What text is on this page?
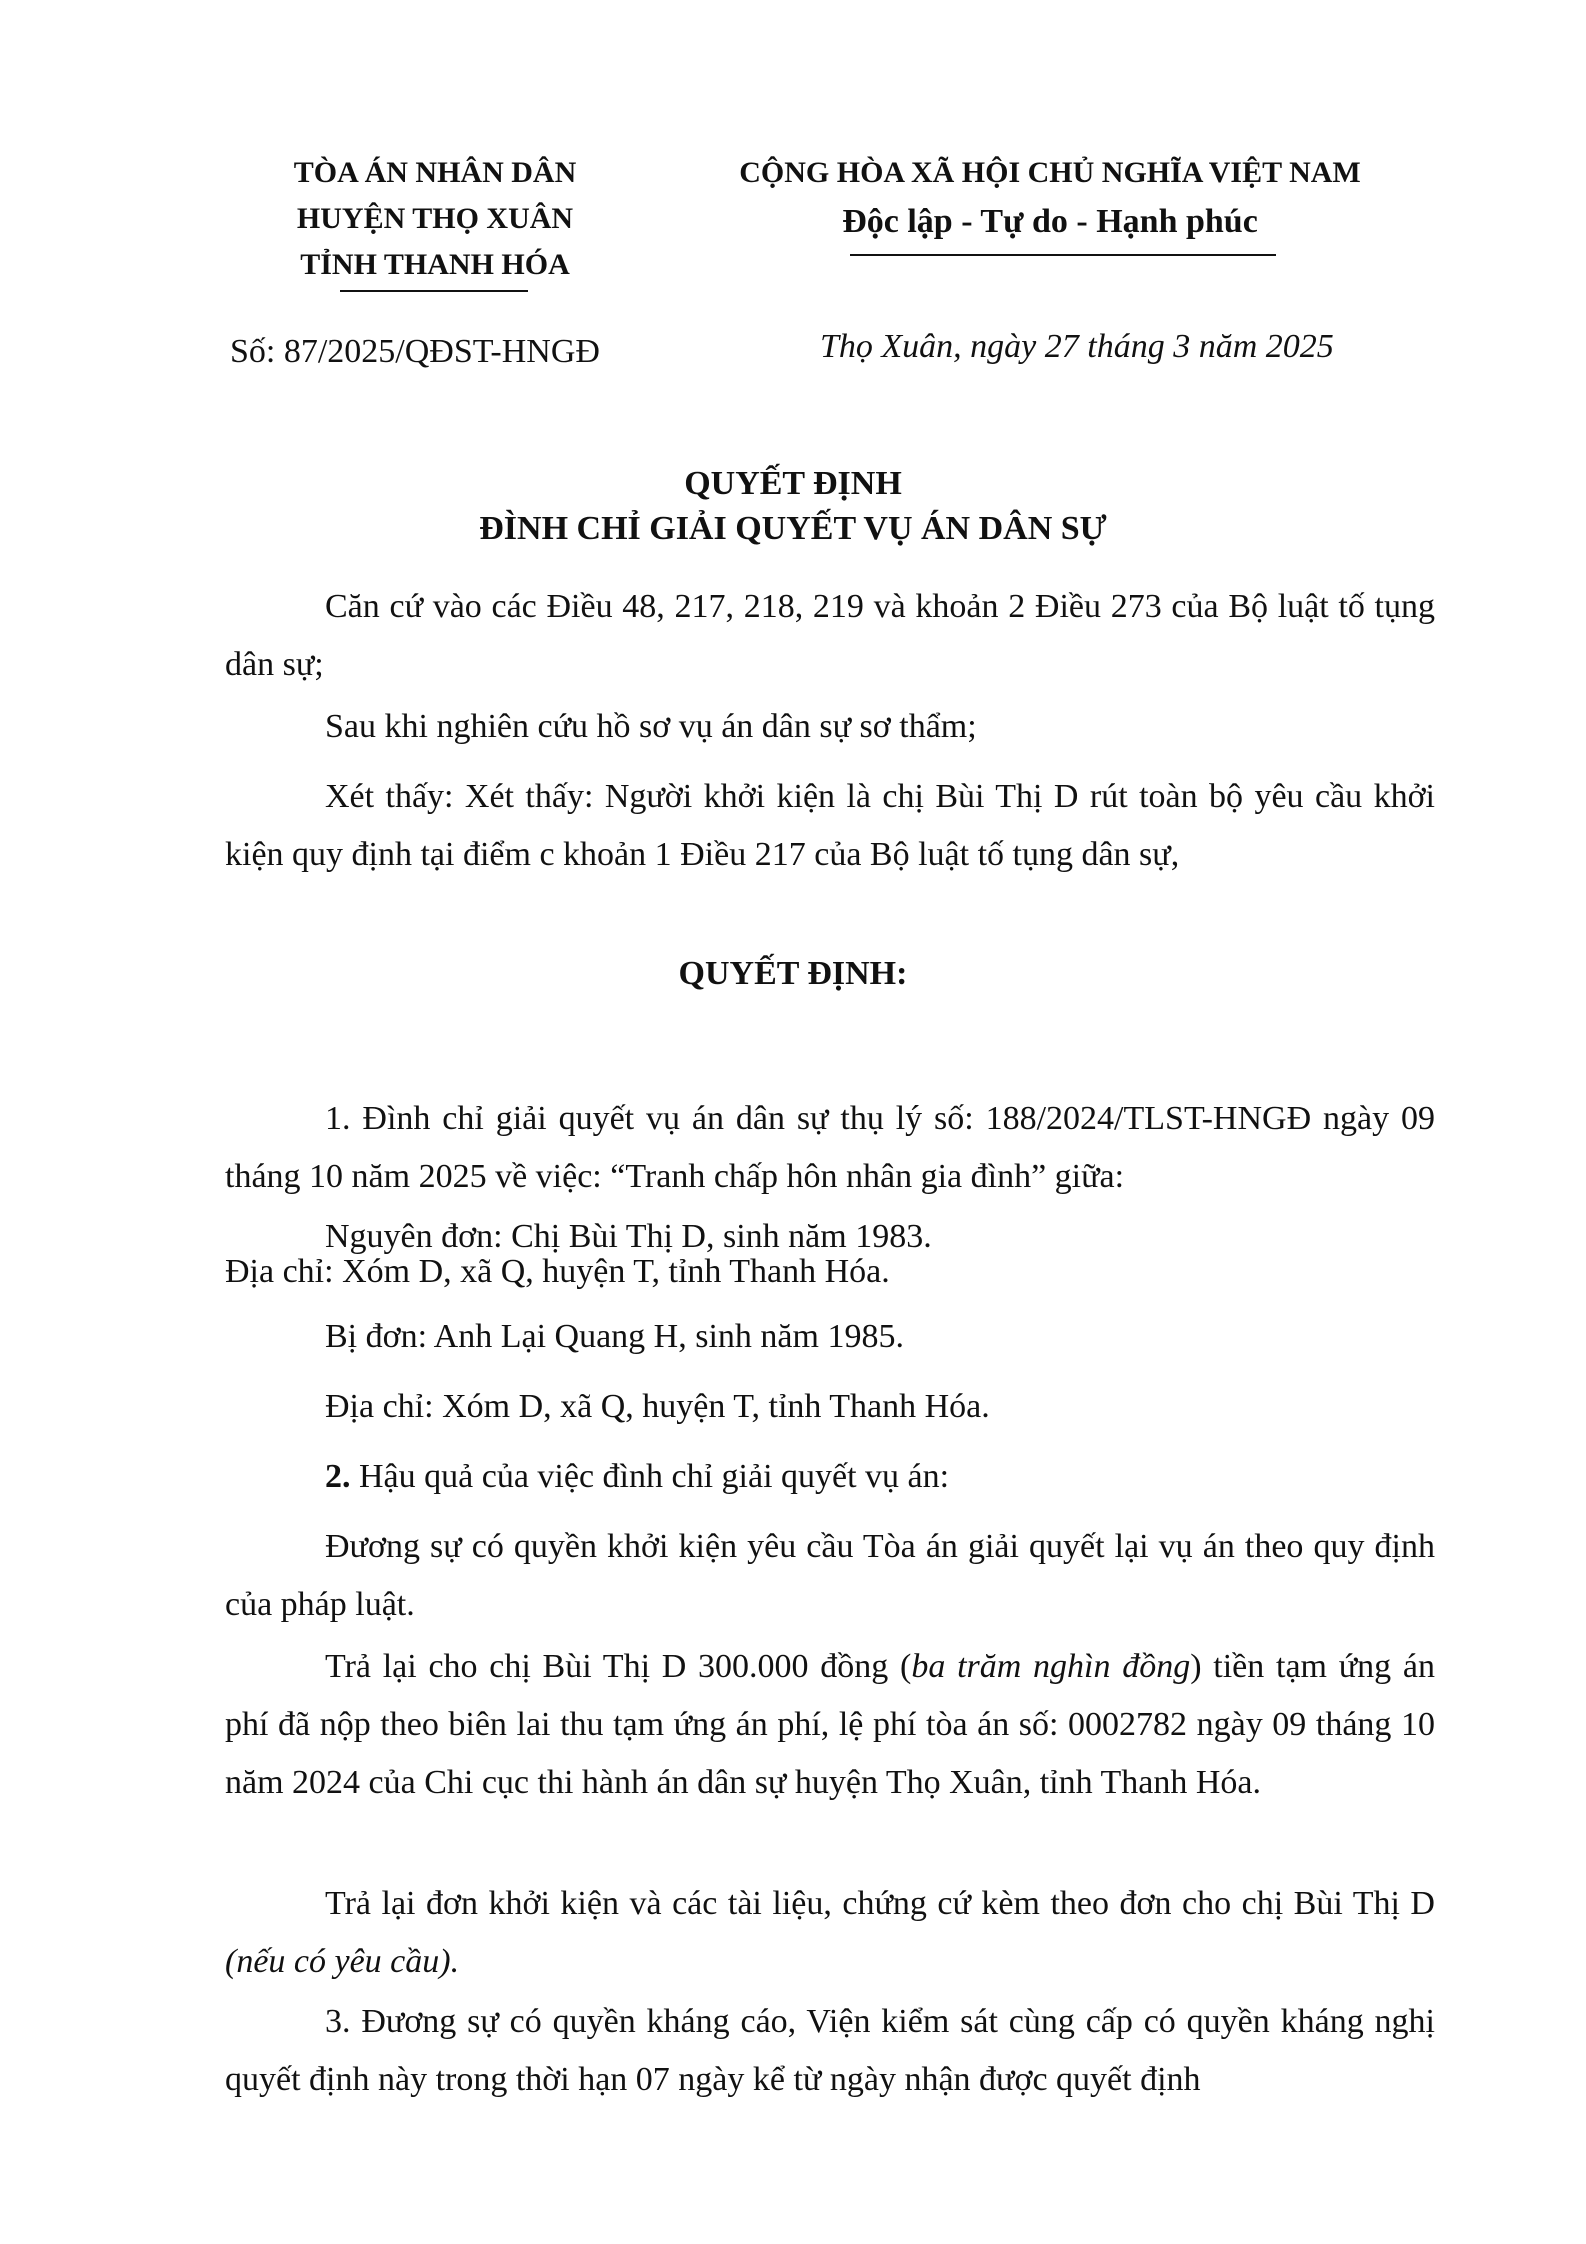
TÒA ÁN NHÂN DÂN
HUYỆN THỌ XUÂN
TỈNH THANH HÓA
CỘNG HÒA XÃ HỘI CHỦ NGHĨA VIỆT NAM
Độc lập - Tự do - Hạnh phúc
Số: 87/2025/QĐST-HNGĐ	Thọ Xuân, ngày 27 tháng 3 năm 2025
QUYẾT ĐỊNH
ĐÌNH CHỈ GIẢI QUYẾT VỤ ÁN DÂN SỰ
Căn cứ vào các Điều 48, 217, 218, 219 và khoản 2 Điều 273 của Bộ luật tố tụng dân sự;
Sau khi nghiên cứu hồ sơ vụ án dân sự sơ thẩm;
Xét thấy: Xét thấy: Người khởi kiện là chị Bùi Thị D rút toàn bộ yêu cầu khởi kiện quy định tại điểm c khoản 1 Điều 217 của Bộ luật tố tụng dân sự,
QUYẾT ĐỊNH:
1. Đình chỉ giải quyết vụ án dân sự thụ lý số: 188/2024/TLST-HNGĐ ngày 09 tháng 10 năm 2025 về việc: “Tranh chấp hôn nhân gia đình” giữa:
Nguyên đơn: Chị Bùi Thị D, sinh năm 1983.
Địa chỉ: Xóm D, xã Q, huyện T, tỉnh Thanh Hóa.
Bị đơn: Anh Lại Quang H, sinh năm 1985.
Địa chỉ: Xóm D, xã Q, huyện T, tỉnh Thanh Hóa.
2. Hậu quả của việc đình chỉ giải quyết vụ án:
Đương sự có quyền khởi kiện yêu cầu Tòa án giải quyết lại vụ án theo quy định của pháp luật.
Trả lại cho chị Bùi Thị D 300.000 đồng (ba trăm nghìn đồng) tiền tạm ứng án phí đã nộp theo biên lai thu tạm ứng án phí, lệ phí tòa án số: 0002782 ngày 09 tháng 10 năm 2024 của Chi cục thi hành án dân sự huyện Thọ Xuân, tỉnh Thanh Hóa.
Trả lại đơn khởi kiện và các tài liệu, chứng cứ kèm theo đơn cho chị Bùi Thị D (nếu có yêu cầu).
3. Đương sự có quyền kháng cáo, Viện kiểm sát cùng cấp có quyền kháng nghị quyết định này trong thời hạn 07 ngày kể từ ngày nhận được quyết định
